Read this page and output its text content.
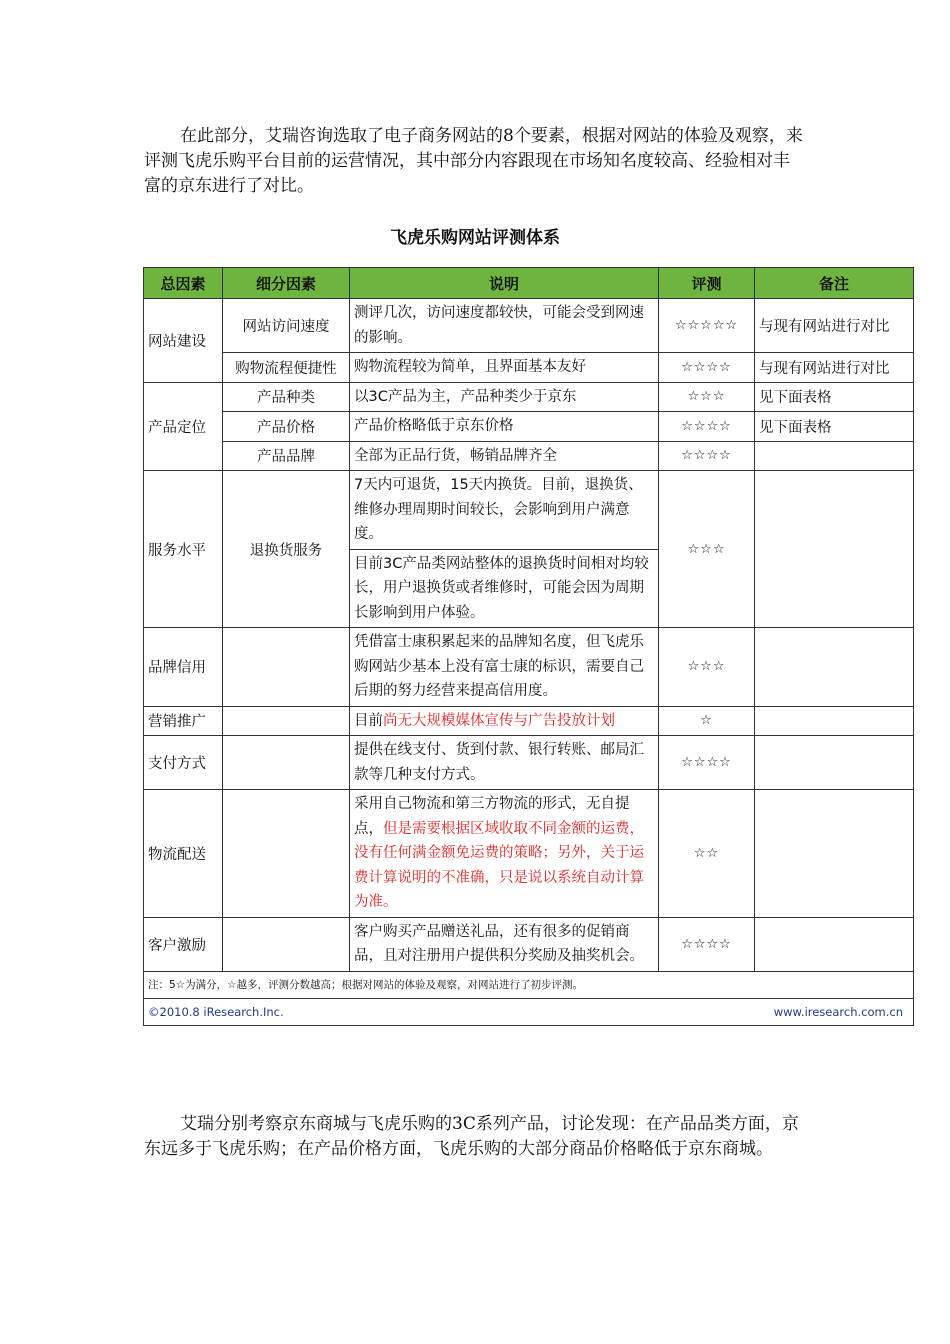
在此部分，艾瑞咨询选取了电子商务网站的8个要素，根据对网站的体验及观察，来评测飞虎乐购平台目前的运营情况，其中部分内容跟现在市场知名度较高、经验相对丰富的京东进行了对比。

飞虎乐购网站评测体系
总因素	细分因素	说明	评测	备注
网站建设	网站访问速度	测评几次，访问速度都较快，可能会受到网速的影响。	☆☆☆☆☆	与现有网站进行对比
	购物流程便捷性	购物流程较为简单，且界面基本友好	☆☆☆☆	与现有网站进行对比
产品定位	产品种类	以3C产品为主，产品种类少于京东	☆☆☆	见下面表格
	产品价格	产品价格略低于京东价格	☆☆☆☆	见下面表格
	产品品牌	全部为正品行货，畅销品牌齐全	☆☆☆☆	
服务水平	退换货服务	7天内可退货，15天内换货。目前，退换货、维修办理周期时间较长，会影响到用户满意度。	☆☆☆	
		目前3C产品类网站整体的退换货时间相对均较长，用户退换货或者维修时，可能会因为周期长影响到用户体验。		
品牌信用		凭借富士康积累起来的品牌知名度，但飞虎乐购网站少基本上没有富士康的标识，需要自己后期的努力经营来提高信用度。	☆☆☆	
营销推广		目前尚无大规模媒体宣传与广告投放计划	☆	
支付方式		提供在线支付、货到付款、银行转账、邮局汇款等几种支付方式。	☆☆☆☆	
物流配送		采用自己物流和第三方物流的形式，无自提点，但是需要根据区域收取不同金额的运费，没有任何满金额免运费的策略；另外，关于运费计算说明的不准确，只是说以系统自动计算为准。	☆☆	
客户激励		客户购买产品赠送礼品，还有很多的促销商品，且对注册用户提供积分奖励及抽奖机会。	☆☆☆☆	
注：5☆为满分，☆越多，评测分数越高；根据对网站的体验及观察，对网站进行了初步评测。				

©2010.8 iResearch.Inc. www.iresearch.com.cn				

艾瑞分别考察京东商城与飞虎乐购的3C系列产品，讨论发现：在产品品类方面，京东远多于飞虎乐购；在产品价格方面，飞虎乐购的大部分商品价格略低于京东商城。
